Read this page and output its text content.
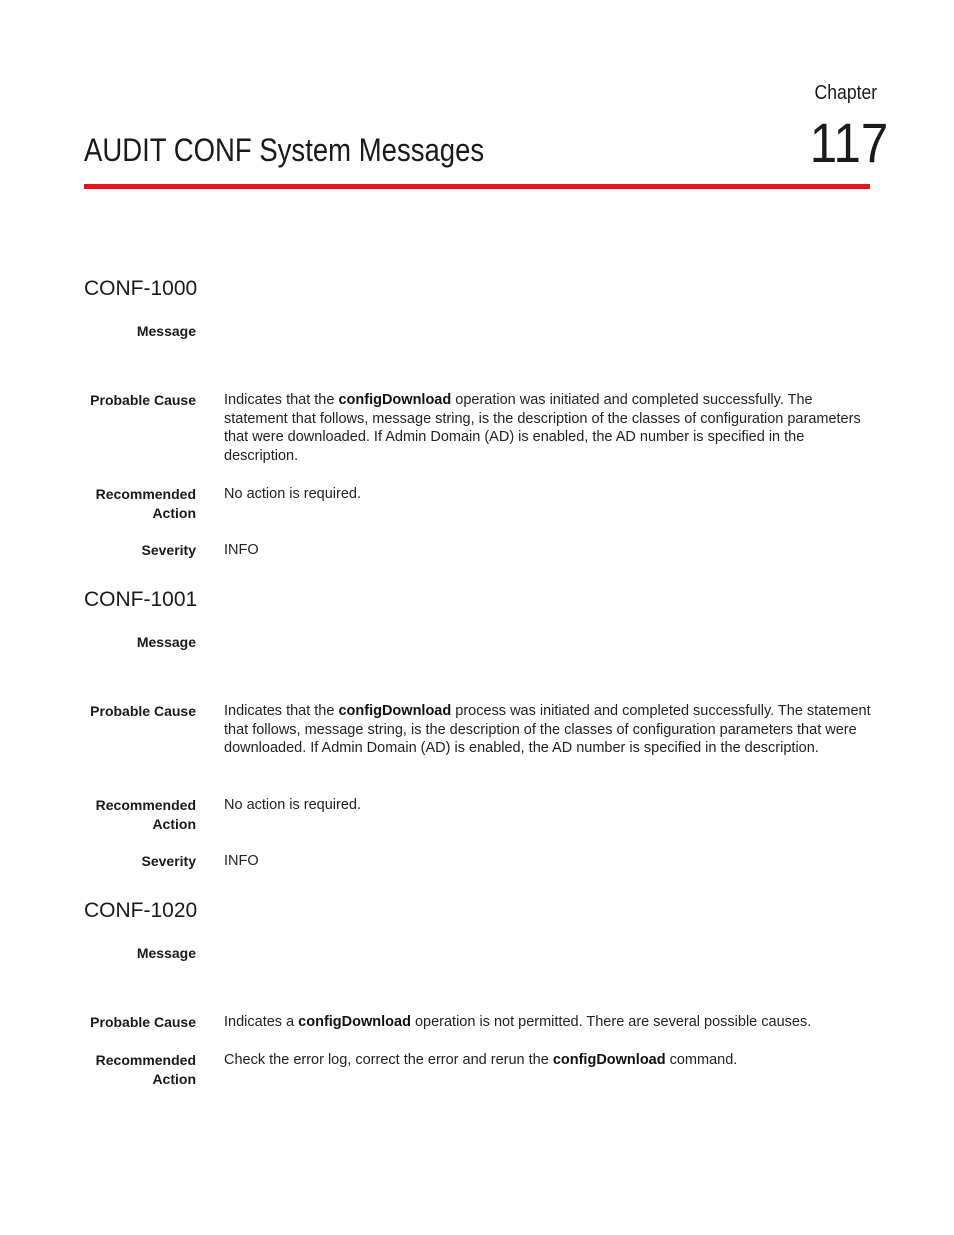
Chapter
117
AUDIT CONF System Messages
CONF-1000
Message
Probable Cause Indicates that the configDownload operation was initiated and completed successfully. The statement that follows, message string, is the description of the classes of configuration parameters that were downloaded. If Admin Domain (AD) is enabled, the AD number is specified in the description.
Recommended
Action
No action is required.
Severity INFO
CONF-1001
Message
Probable Cause Indicates that the configDownload process was initiated and completed successfully. The statement that follows, message string, is the description of the classes of configuration parameters that were downloaded. If Admin Domain (AD) is enabled, the AD number is specified in the description.
Recommended
Action
No action is required.
Severity INFO
CONF-1020
Message
Probable Cause Indicates a configDownload operation is not permitted. There are several possible causes.
Recommended
Action
Check the error log, correct the error and rerun the configDownload command.
